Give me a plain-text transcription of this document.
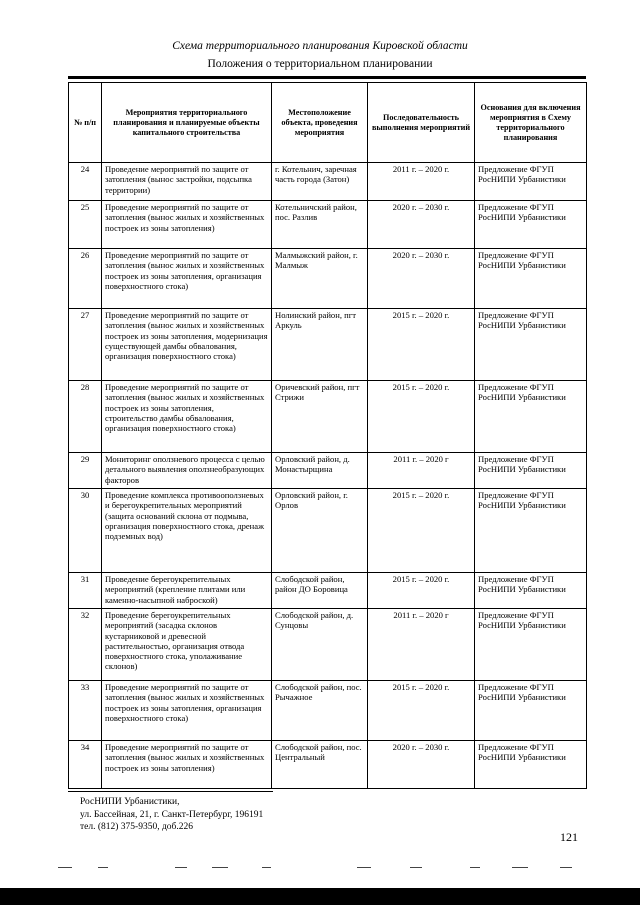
Схема территориального планирования Кировской области
Положения о территориальном планировании
№ п/п	Мероприятия территориального планирования и планируемые объекты капитального строительства	Местоположение объекта, проведения мероприятия	Последовательность выполнения мероприятий	Основания для включения мероприятия в Схему территориального планирования
24	Проведение мероприятий по защите от затопления (вынос застройки, подсыпка территории)	г. Котельнич, заречная часть города (Затон)	2011 г. – 2020 г.	Предложение ФГУП РосНИПИ Урбанистики
25	Проведение мероприятий по защите от затопления (вынос жилых и хозяйственных построек из зоны затопления)	Котельничский район, пос. Разлив	2020 г. – 2030 г.	Предложение ФГУП РосНИПИ Урбанистики
26	Проведение мероприятий по защите от затопления (вынос жилых и хозяйственных построек из зоны затопления, организация поверхностного стока)	Малмыжский район, г. Малмыж	2020 г. – 2030 г.	Предложение ФГУП РосНИПИ Урбанистики
27	Проведение мероприятий по защите от затопления (вынос жилых и хозяйственных построек из зоны затопления, модернизация существующей дамбы обвалования, организация поверхностного стока)	Нолинский район, пгт Аркуль	2015 г. – 2020 г.	Предложение ФГУП РосНИПИ Урбанистики
28	Проведение мероприятий по защите от затопления (вынос жилых и хозяйственных построек из зоны затопления, строительство дамбы обвалования, организация поверхностного стока)	Оричевский район, пгт Стрижи	2015 г. – 2020 г.	Предложение ФГУП РосНИПИ Урбанистики
29	Мониторинг оползневого процесса с целью детального выявления оползнеобразующих факторов	Орловский район, д. Монастырщина	2011 г. – 2020 г	Предложение ФГУП РосНИПИ Урбанистики
30	Проведение комплекса противооползневых и берегоукрепительных мероприятий (защита оснований склона от подмыва, организация поверхностного стока, дренаж подземных вод)	Орловский район, г. Орлов	2015 г. – 2020 г.	Предложение ФГУП РосНИПИ Урбанистики
31	Проведение берегоукрепительных мероприятий (крепление плитами или каменно-насыпной наброской)	Слободской район, район ДО Боровица	2015 г. – 2020 г.	Предложение ФГУП РосНИПИ Урбанистики
32	Проведение берегоукрепительных мероприятий (засадка склонов кустарниковой и древесной растительностью, организация отвода поверхностного стока, уполаживание склонов)	Слободской район, д. Сунцовы	2011 г. – 2020 г	Предложение ФГУП РосНИПИ Урбанистики
33	Проведение мероприятий по защите от затопления (вынос жилых и хозяйственных построек из зоны затопления, организация поверхностного стока)	Слободской район, пос. Рычажное	2015 г. – 2020 г.	Предложение ФГУП РосНИПИ Урбанистики
34	Проведение мероприятий по защите от затопления (вынос жилых и хозяйственных построек из зоны затопления)	Слободской район, пос. Центральный	2020 г. – 2030 г.	Предложение ФГУП РосНИПИ Урбанистики
РосНИПИ Урбанистики,
ул. Бассейная, 21, г. Санкт-Петербург, 196191
тел. (812) 375-9350, доб.226
121
